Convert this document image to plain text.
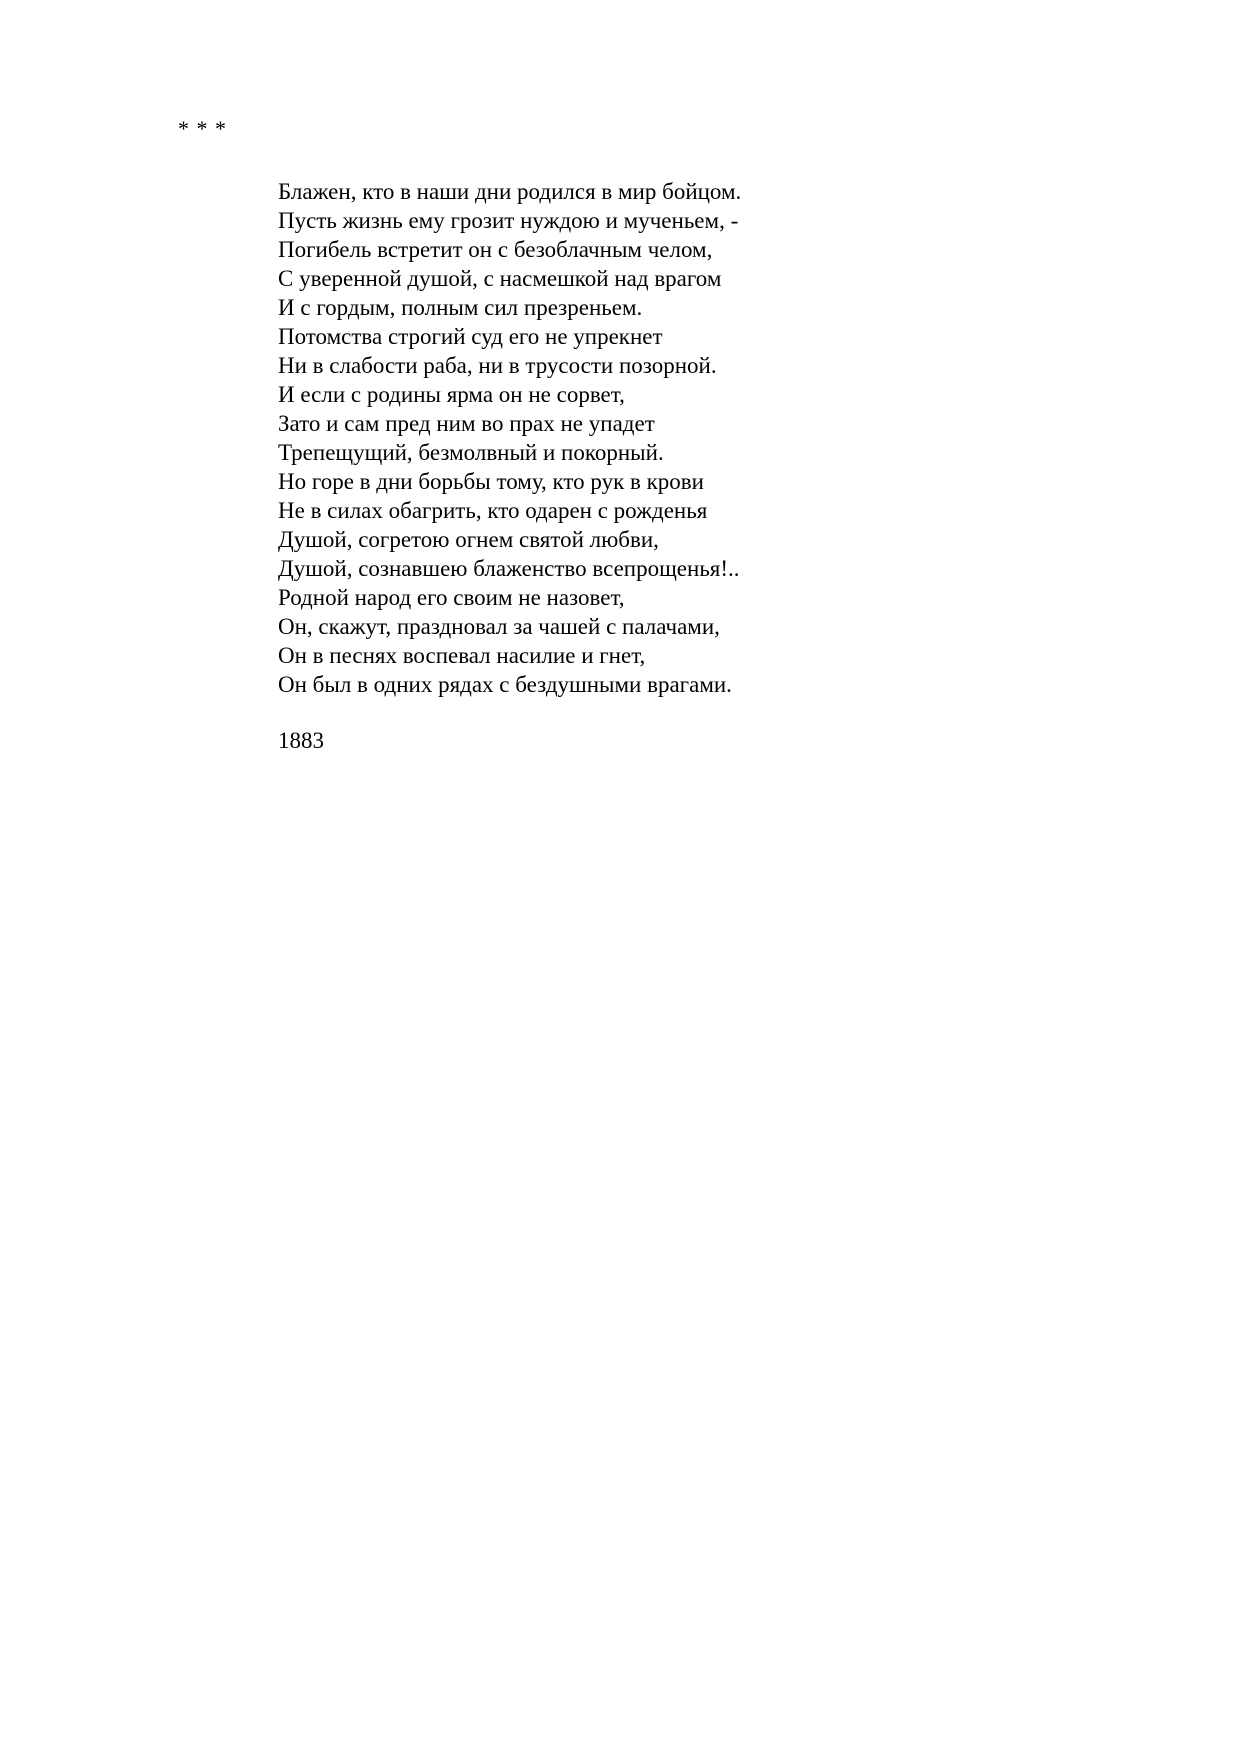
* * *
Блажен, кто в наши дни родился в мир бойцом.
Пусть жизнь ему грозит нуждою и мученьем, -
Погибель встретит он с безоблачным челом,
С уверенной душой, с насмешкой над врагом
И с гордым, полным сил презреньем.
Потомства строгий суд его не упрекнет
Ни в слабости раба, ни в трусости позорной.
И если с родины ярма он не сорвет,
Зато и сам пред ним во прах не упадет
Трепещущий, безмолвный и покорный.
Но горе в дни борьбы тому, кто рук в крови
Не в силах обагрить, кто одарен с рожденья
Душой, согретою огнем святой любви,
Душой, сознавшею блаженство всепрощенья!..
Родной народ его своим не назовет,
Он, скажут, праздновал за чашей с палачами,
Он в песнях воспевал насилие и гнет,
Он был в одних рядах с бездушными врагами.
1883
